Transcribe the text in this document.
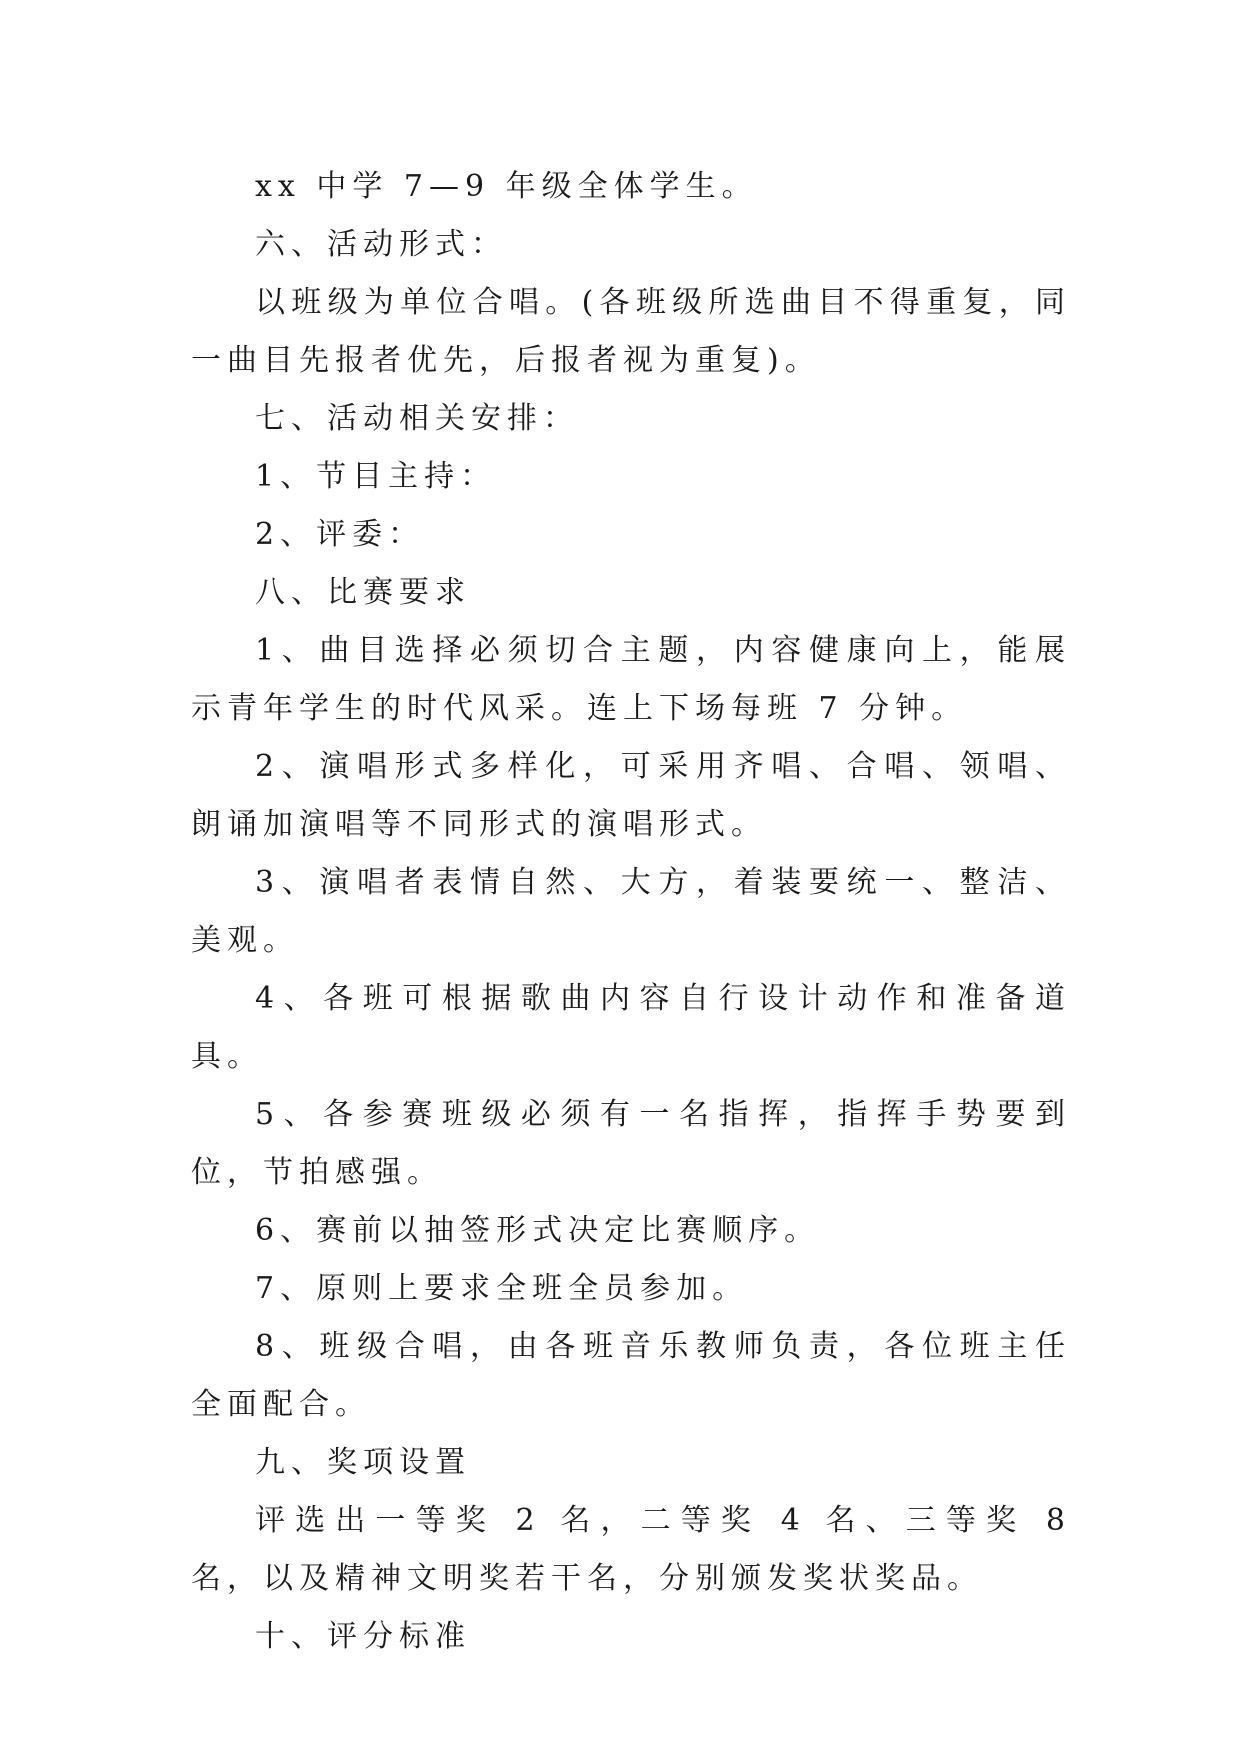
xx 中学 7—9 年级全体学生。

六、活动形式：

以班级为单位合唱。(各班级所选曲目不得重复，同一曲目先报者优先，后报者视为重复)。

七、活动相关安排：

1、节目主持：

2、评委：

八、比赛要求

1、曲目选择必须切合主题，内容健康向上，能展示青年学生的时代风采。连上下场每班 7 分钟。

2、演唱形式多样化，可采用齐唱、合唱、领唱、朗诵加演唱等不同形式的演唱形式。

3、演唱者表情自然、大方，着装要统一、整洁、美观。

4、各班可根据歌曲内容自行设计动作和准备道具。

5、各参赛班级必须有一名指挥，指挥手势要到位，节拍感强。

6、赛前以抽签形式决定比赛顺序。

7、原则上要求全班全员参加。

8、班级合唱，由各班音乐教师负责，各位班主任全面配合。

九、奖项设置

评选出一等奖 2 名，二等奖 4 名、三等奖 8 名，以及精神文明奖若干名，分别颁发奖状奖品。

十、评分标准
